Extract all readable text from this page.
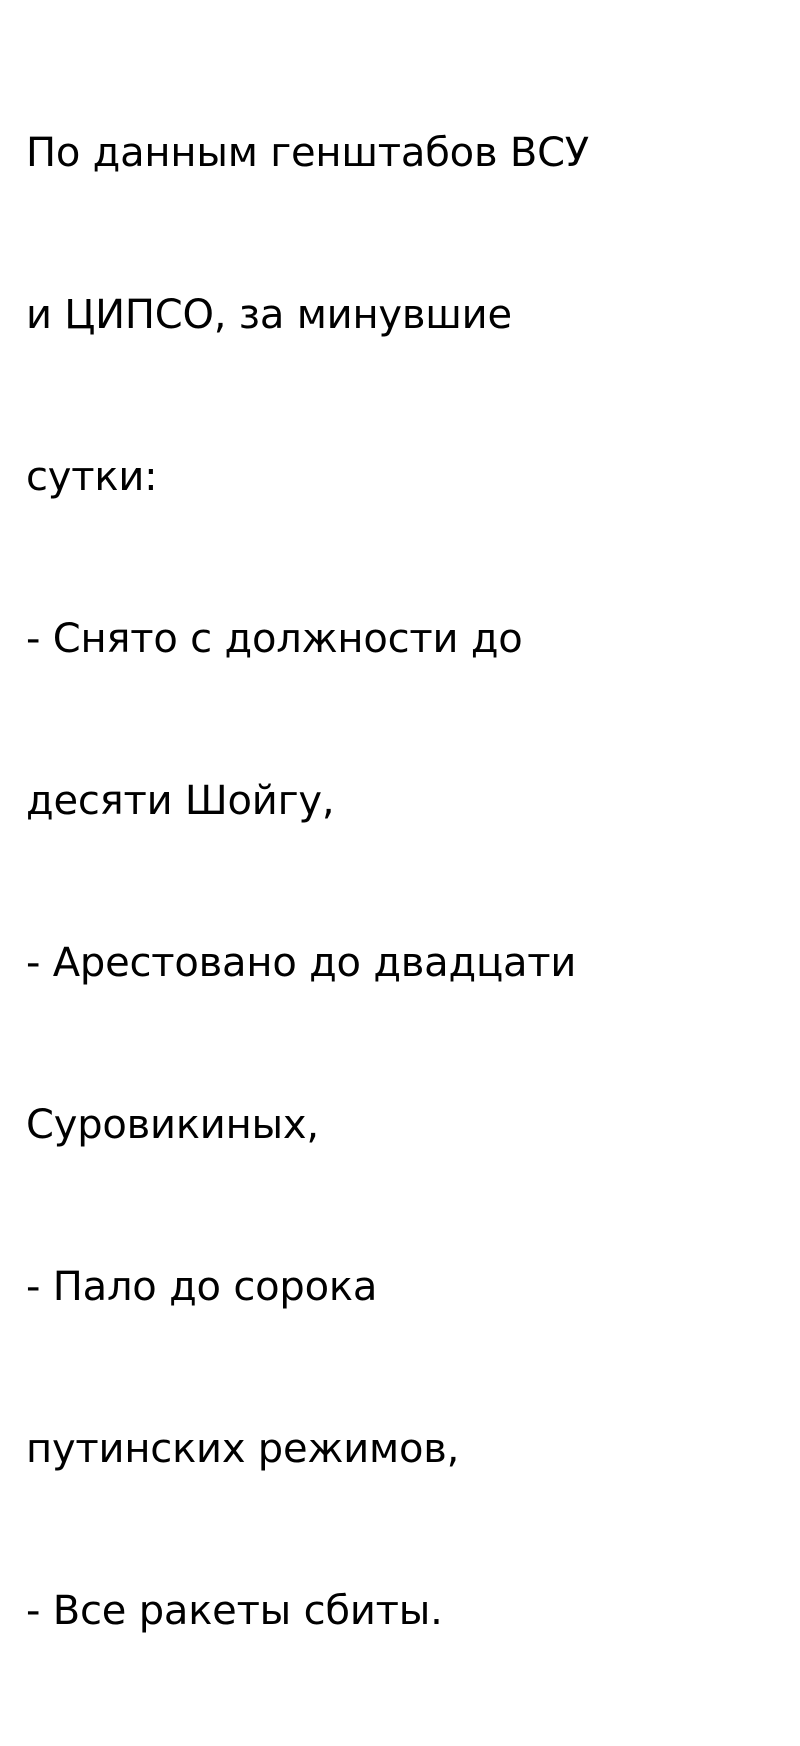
По данным генштабов ВСУ

и ЦИПСО, за минувшие

сутки:

- Снято с должности до

десяти Шойгу,

- Арестовано до двадцати

Суровикиных,

- Пало до сорока

путинских режимов,

- Все ракеты сбиты.
